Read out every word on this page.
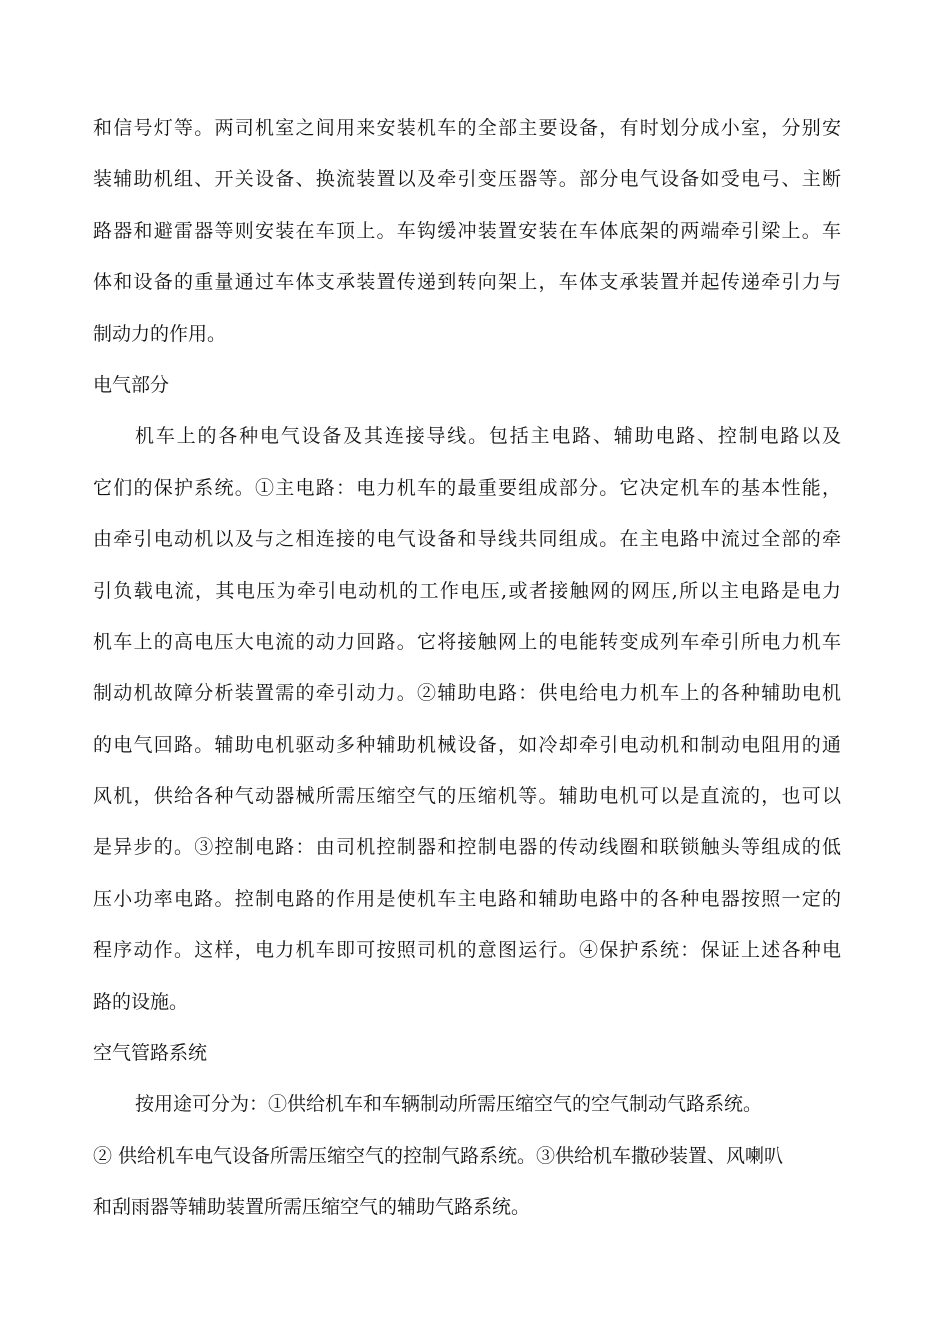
和信号灯等。两司机室之间用来安装机车的全部主要设备，有时划分成小室，分别安
装辅助机组、开关设备、换流装置以及牵引变压器等。部分电气设备如受电弓、主断
路器和避雷器等则安装在车顶上。车钩缓冲装置安装在车体底架的两端牵引梁上。车
体和设备的重量通过车体支承装置传递到转向架上，车体支承装置并起传递牵引力与
制动力的作用。
电气部分
机车上的各种电气设备及其连接导线。包括主电路、辅助电路、控制电路以及
它们的保护系统。①主电路：电力机车的最重要组成部分。它决定机车的基本性能，
由牵引电动机以及与之相连接的电气设备和导线共同组成。在主电路中流过全部的牵
引负载电流，其电压为牵引电动机的工作电压,或者接触网的网压,所以主电路是电力
机车上的高电压大电流的动力回路。它将接触网上的电能转变成列车牵引所电力机车
制动机故障分析装置需的牵引动力。②辅助电路：供电给电力机车上的各种辅助电机
的电气回路。辅助电机驱动多种辅助机械设备，如冷却牵引电动机和制动电阻用的通
风机，供给各种气动器械所需压缩空气的压缩机等。辅助电机可以是直流的，也可以
是异步的。③控制电路：由司机控制器和控制电器的传动线圈和联锁触头等组成的低
压小功率电路。控制电路的作用是使机车主电路和辅助电路中的各种电器按照一定的
程序动作。这样，电力机车即可按照司机的意图运行。④保护系统：保证上述各种电
路的设施。
空气管路系统
按用途可分为：①供给机车和车辆制动所需压缩空气的空气制动气路系统。
② 供给机车电气设备所需压缩空气的控制气路系统。③供给机车撒砂装置、风喇叭
和刮雨器等辅助装置所需压缩空气的辅助气路系统。
